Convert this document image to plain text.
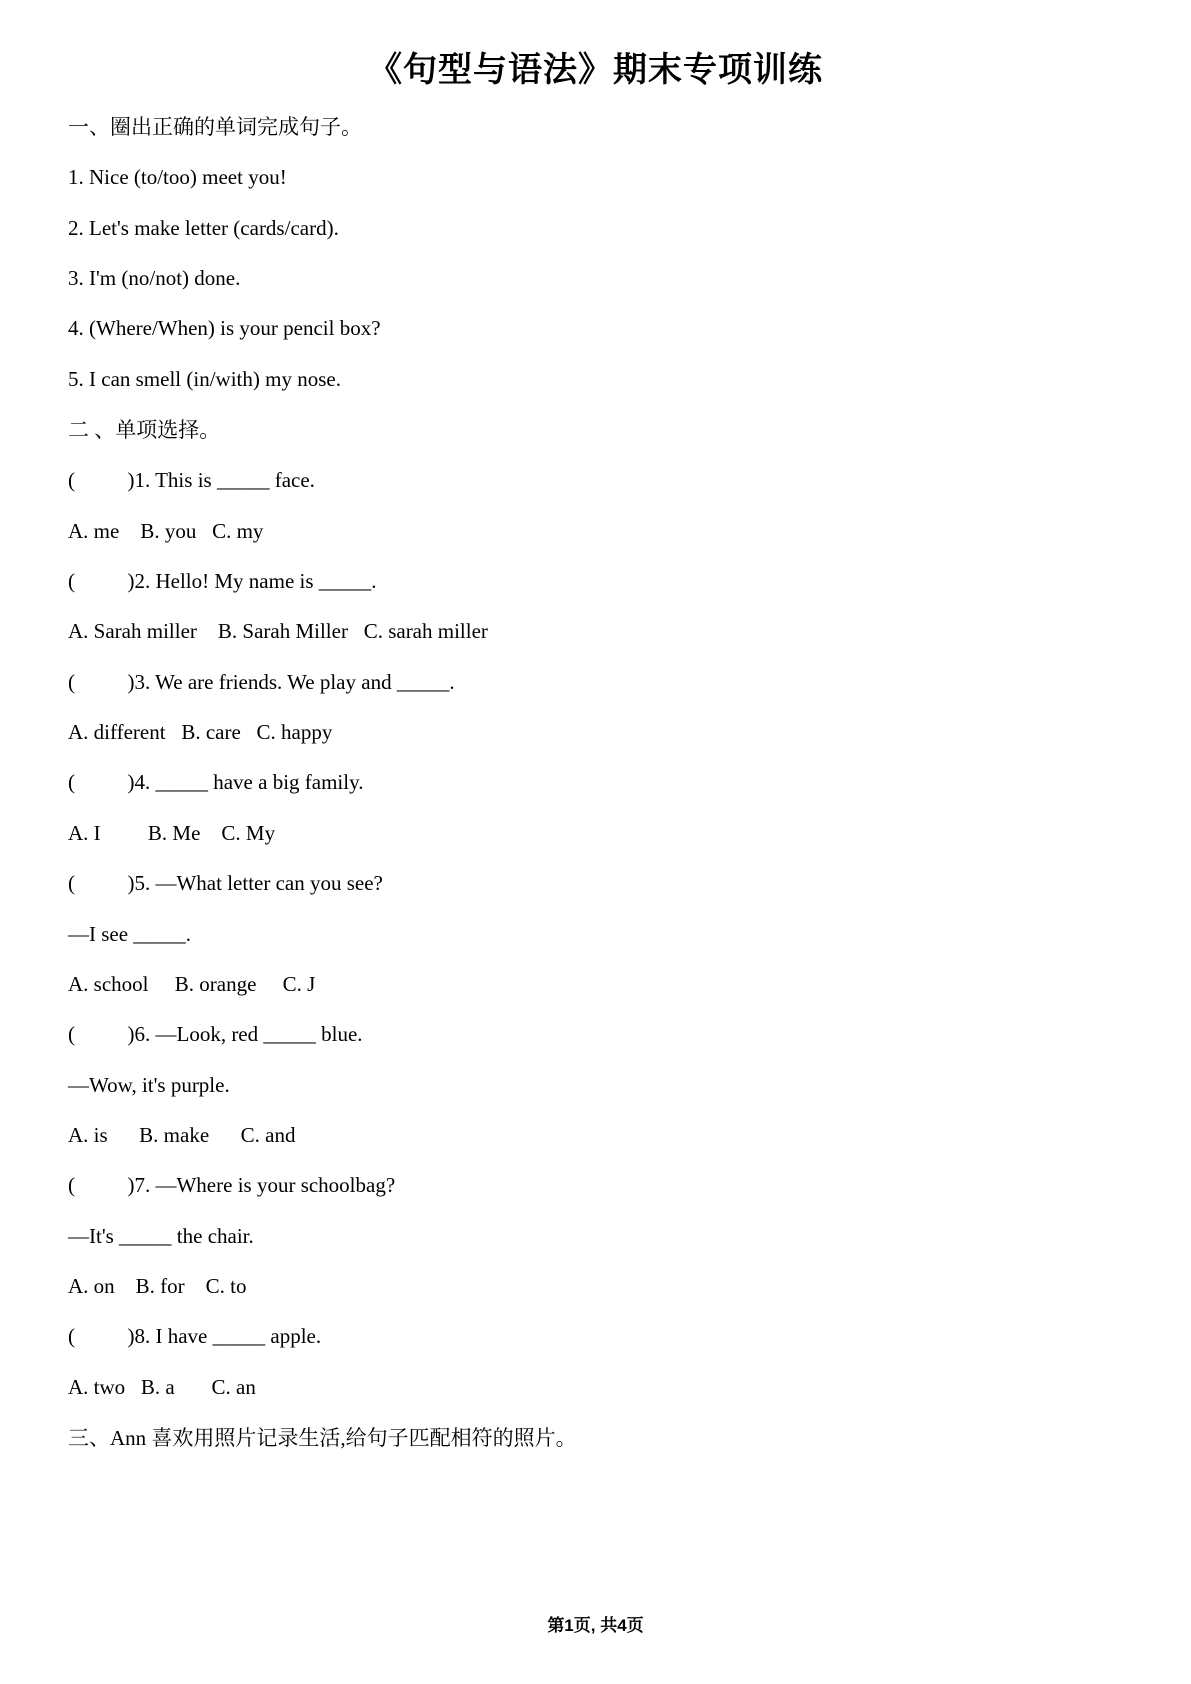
《句型与语法》期末专项训练

一、圈出正确的单词完成句子。

1. Nice (to/too) meet you!

2. Let's make letter (cards/card).

3. I'm (no/not) done.

4. (Where/When) is your pencil box?

5. I can smell (in/with) my nose.

二 、单项选择。

(          )1. This is _____ face.

A. me    B. you   C. my

(          )2. Hello! My name is _____.

A. Sarah miller    B. Sarah Miller   C. sarah miller

(          )3. We are friends. We play and _____.

A. different   B. care   C. happy

(          )4. _____ have a big family.

A. I         B. Me    C. My

(          )5. —What letter can you see?

—I see _____.

A. school     B. orange     C. J

(          )6. —Look, red _____ blue.

—Wow, it's purple.

A. is      B. make      C. and

(          )7. —Where is your schoolbag?

—It's _____ the chair.

A. on    B. for    C. to

(          )8. I have _____ apple.

A. two   B. a       C. an

三、Ann 喜欢用照片记录生活,给句子匹配相符的照片。

第1页, 共4页
